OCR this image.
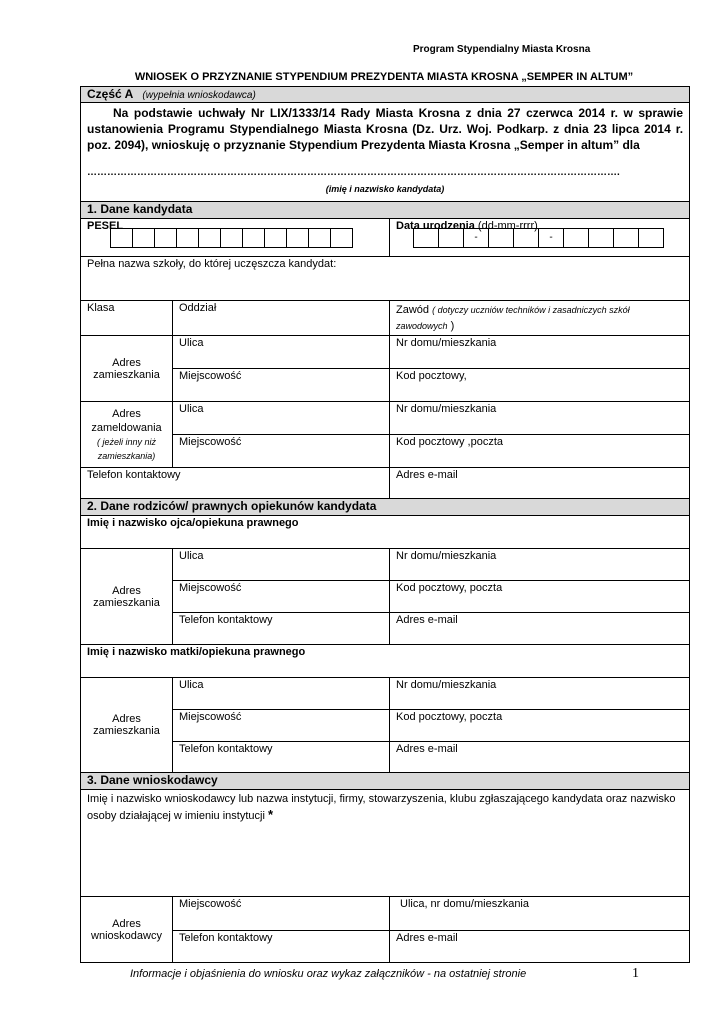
Program Stypendialny Miasta Krosna
WNIOSEK O PRZYZNANIE STYPENDIUM PREZYDENTA MIASTA KROSNA „SEMPER IN ALTUM”
Część A (wypełnia wnioskodawca)		

Na podstawie uchwały Nr LIX/1333/14 Rady Miasta Krosna z dnia 27 czerwca 2014 r. w sprawie ustanowienia Programu Stypendialnego Miasta Krosna (Dz. Urz. Woj. Podkarp. z dnia 23 lipca 2014 r. poz. 2094), wnioskuję o przyznanie Stypendium Prezydenta Miasta Krosna „Semper in altum” dla
…………………………………………………………………………………………………………………………………………….
(imię i nazwisko kandydata)		

1. Dane kandydata		
PESEL		Data urodzenia (dd-mm-rrrr)
Pełna nazwa szkoły, do której uczęszcza kandydat:		
Klasa	Oddział	Zawód ( dotyczy uczniów techników i zasadniczych szkół zawodowych )
Adres zamieszkania	Ulica	Nr domu/mieszkania
	Miejscowość	Kod pocztowy,

Adres zameldowania
( jeżeli inny niż zamieszkania)	Ulica	Nr domu/mieszkania
	Miejscowość	Kod pocztowy ,poczta
Telefon kontaktowy		Adres e-mail
2. Dane rodziców/ prawnych opiekunów kandydata		
Imię i nazwisko ojca/opiekuna prawnego		
Adres zamieszkania	Ulica	Nr domu/mieszkania
	Miejscowość	Kod pocztowy, poczta
	Telefon kontaktowy	Adres e-mail
Imię i nazwisko matki/opiekuna prawnego		
Adres zamieszkania	Ulica	Nr domu/mieszkania
	Miejscowość	Kod pocztowy, poczta
	Telefon kontaktowy	Adres e-mail
3. Dane wnioskodawcy		
Imię i nazwisko wnioskodawcy lub nazwa instytucji, firmy, stowarzyszenia, klubu zgłaszającego kandydata oraz nazwisko osoby działającej w imieniu instytucji *		
Adres wnioskodawcy	Miejscowość	Ulica, nr domu/mieszkania
	Telefon kontaktowy	Adres e-mail
-	-
Informacje i objaśnienia do wniosku oraz wykaz załączników - na ostatniej stronie	1
